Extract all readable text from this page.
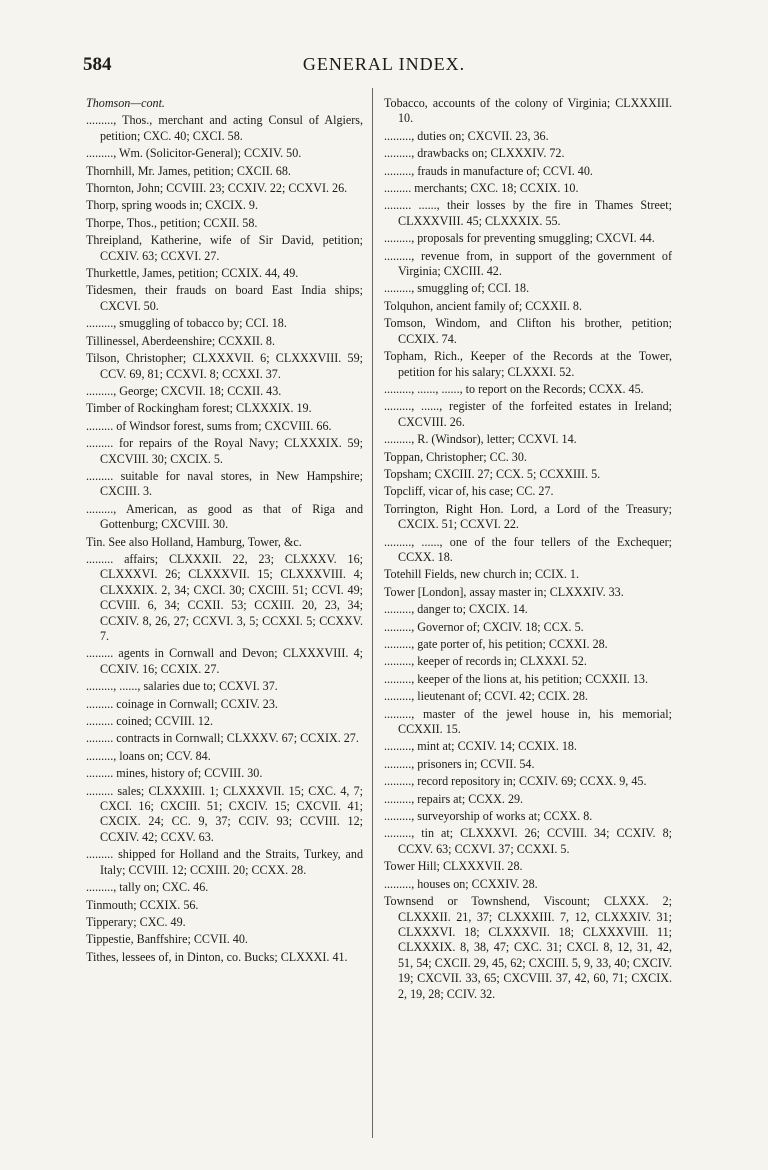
584	GENERAL INDEX.
Thomson—cont.
........., Thos., merchant and acting Consul of Algiers, petition; CXC. 40; CXCI. 58.
........., Wm. (Solicitor-General); CCXIV. 50.
Thornhill, Mr. James, petition; CXCII. 68.
Thornton, John; CCVIII. 23; CCXIV. 22; CCXVI. 26.
Thorp, spring woods in; CXCIX. 9.
Thorpe, Thos., petition; CCXII. 58.
Threipland, Katherine, wife of Sir David, petition; CCXIV. 63; CCXVI. 27.
Thurkettle, James, petition; CCXIX. 44, 49.
Tidesmen, their frauds on board East India ships; CXCVI. 50.
........., smuggling of tobacco by; CCI. 18.
Tillinessel, Aberdeenshire; CCXXII. 8.
Tilson, Christopher; CLXXXVII. 6; CLXXXVIII. 59; CCV. 69, 81; CCXVI. 8; CCXXI. 37.
........., George; CXCVII. 18; CCXII. 43.
Timber of Rockingham forest; CLXXXIX. 19.
......... of Windsor forest, sums from; CXCVIII. 66.
......... for repairs of the Royal Navy; CLXXXIX. 59; CXCVIII. 30; CXCIX. 5.
......... suitable for naval stores, in New Hampshire; CXCIII. 3.
........., American, as good as that of Riga and Gottenburg; CXCVIII. 30.
Tin. See also Holland, Hamburg, Tower, &c.
......... affairs; CLXXXII. 22, 23; CLXXXV. 16; CLXXXVI. 26; CLXXXVII. 15; CLXXXVIII. 4; CLXXXIX. 2, 34; CXCI. 30; CXCIII. 51; CCVI. 49; CCVIII. 6, 34; CCXII. 53; CCXIII. 20, 23, 34; CCXIV. 8, 26, 27; CCXVI. 3, 5; CCXXI. 5; CCXXV. 7.
......... agents in Cornwall and Devon; CLXXXVIII. 4; CCXIV. 16; CCXIX. 27.
........., ......, salaries due to; CCXVI. 37.
......... coinage in Cornwall; CCXIV. 23.
......... coined; CCVIII. 12.
......... contracts in Cornwall; CLXXXV. 67; CCXIX. 27.
........., loans on; CCV. 84.
......... mines, history of; CCVIII. 30.
......... sales; CLXXXIII. 1; CLXXXVII. 15; CXC. 4, 7; CXCI. 16; CXCIII. 51; CXCIV. 15; CXCVII. 41; CXCIX. 24; CC. 9, 37; CCIV. 93; CCVIII. 12; CCXIV. 42; CCXV. 63.
......... shipped for Holland and the Straits, Turkey, and Italy; CCVIII. 12; CCXIII. 20; CCXX. 28.
........., tally on; CXC. 46.
Tinmouth; CCXIX. 56.
Tipperary; CXC. 49.
Tippestie, Banffshire; CCVII. 40.
Tithes, lessees of, in Dinton, co. Bucks; CLXXXI. 41.
Tobacco, accounts of the colony of Virginia; CLXXXIII. 10.
........., duties on; CXCVII. 23, 36.
........., drawbacks on; CLXXXIV. 72.
........., frauds in manufacture of; CCVI. 40.
......... merchants; CXC. 18; CCXIX. 10.
......... ......, their losses by the fire in Thames Street; CLXXXVIII. 45; CLXXXIX. 55.
........., proposals for preventing smuggling; CXCVI. 44.
........., revenue from, in support of the government of Virginia; CXCIII. 42.
........., smuggling of; CCI. 18.
Tolquhon, ancient family of; CCXXII. 8.
Tomson, Windom, and Clifton his brother, petition; CCXIX. 74.
Topham, Rich., Keeper of the Records at the Tower, petition for his salary; CLXXXI. 52.
........., ......, ......, to report on the Records; CCXX. 45.
........., ......, register of the forfeited estates in Ireland; CXCVIII. 26.
........., R. (Windsor), letter; CCXVI. 14.
Toppan, Christopher; CC. 30.
Topsham; CXCIII. 27; CCX. 5; CCXXIII. 5.
Topcliff, vicar of, his case; CC. 27.
Torrington, Right Hon. Lord, a Lord of the Treasury; CXCIX. 51; CCXVI. 22.
........., ......, one of the four tellers of the Exchequer; CCXX. 18.
Totehill Fields, new church in; CCIX. 1.
Tower [London], assay master in; CLXXXIV. 33.
........., danger to; CXCIX. 14.
........., Governor of; CXCIV. 18; CCX. 5.
........., gate porter of, his petition; CCXXI. 28.
........., keeper of records in; CLXXXI. 52.
........., keeper of the lions at, his petition; CCXXII. 13.
........., lieutenant of; CCVI. 42; CCIX. 28.
........., master of the jewel house in, his memorial; CCXXII. 15.
........., mint at; CCXIV. 14; CCXIX. 18.
........., prisoners in; CCVII. 54.
........., record repository in; CCXIV. 69; CCXX. 9, 45.
........., repairs at; CCXX. 29.
........., surveyorship of works at; CCXX. 8.
........., tin at; CLXXXVI. 26; CCVIII. 34; CCXIV. 8; CCXV. 63; CCXVI. 37; CCXXI. 5.
Tower Hill; CLXXXVII. 28.
........., houses on; CCXXIV. 28.
Townsend or Townshend, Viscount; CLXXX. 2; CLXXXII. 21, 37; CLXXXIII. 7, 12, CLXXXIV. 31; CLXXXVI. 18; CLXXXVII. 18; CLXXXVIII. 11; CLXXXIX. 8, 38, 47; CXC. 31; CXCI. 8, 12, 31, 42, 51, 54; CXCII. 29, 45, 62; CXCIII. 5, 9, 33, 40; CXCIV. 19; CXCVII. 33, 65; CXCVIII. 37, 42, 60, 71; CXCIX. 2, 19, 28; CCIV. 32.
